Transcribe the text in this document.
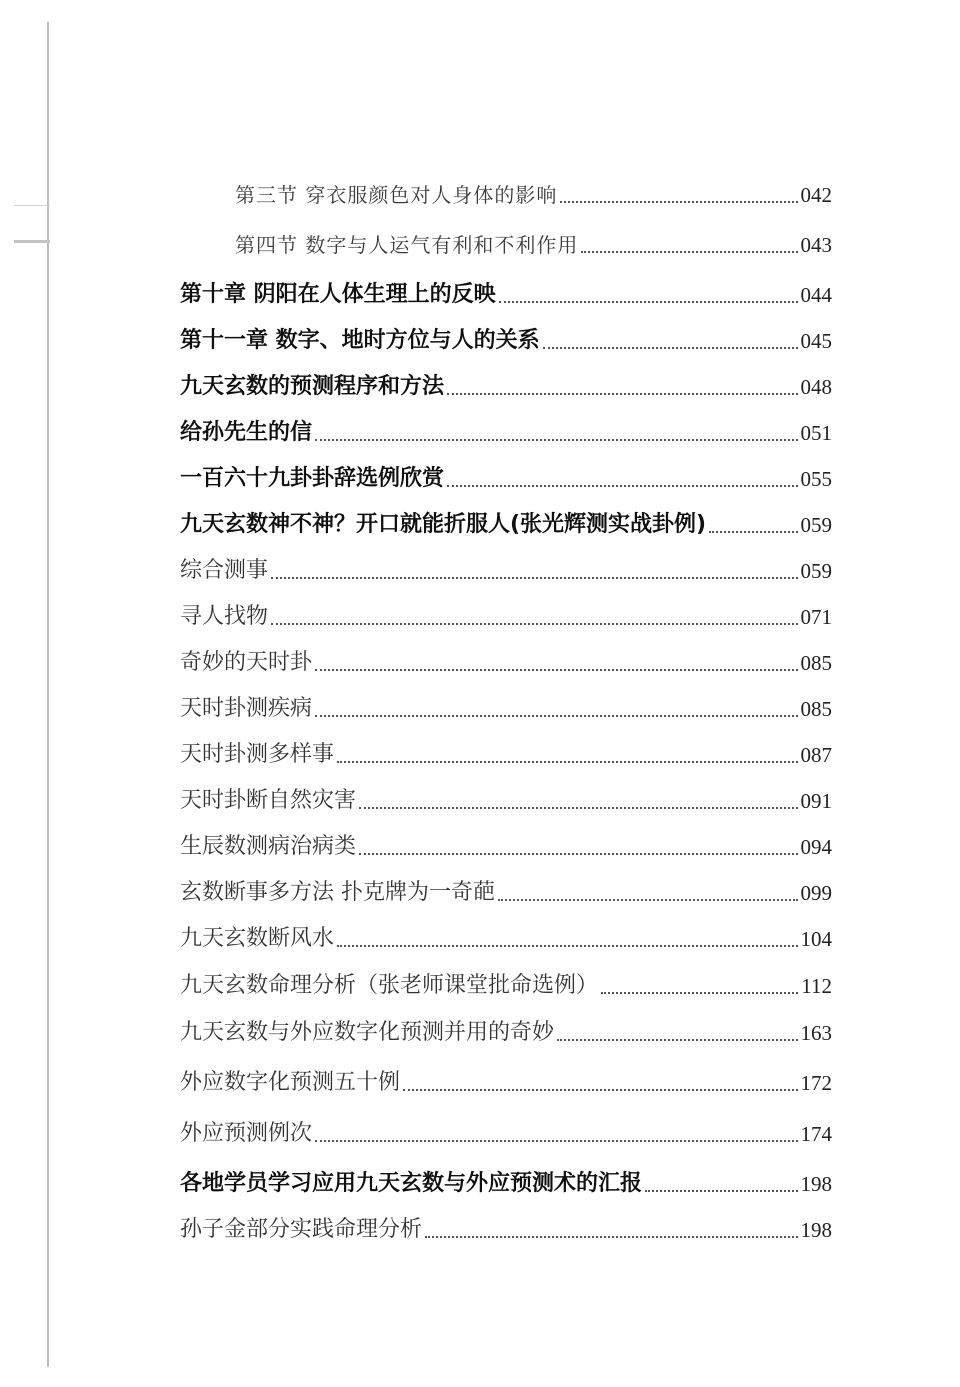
第三节 穿衣服颜色对人身体的影响	042
第四节 数字与人运气有利和不利作用	043
第十章 阴阳在人体生理上的反映	044
第十一章 数字、地时方位与人的关系	045
九天玄数的预测程序和方法	048
给孙先生的信	051
一百六十九卦卦辞选例欣赏	055
九天玄数神不神？开口就能折服人(张光辉测实战卦例)	059
综合测事	059
寻人找物	071
奇妙的天时卦	085
天时卦测疾病	085
天时卦测多样事	087
天时卦断自然灾害	091
生辰数测病治病类	094
玄数断事多方法 扑克牌为一奇葩	099
九天玄数断风水	104
九天玄数命理分析（张老师课堂批命选例）	112
九天玄数与外应数字化预测并用的奇妙	163
外应数字化预测五十例	172
外应预测例次	174
各地学员学习应用九天玄数与外应预测术的汇报	198
孙子金部分实践命理分析	198
